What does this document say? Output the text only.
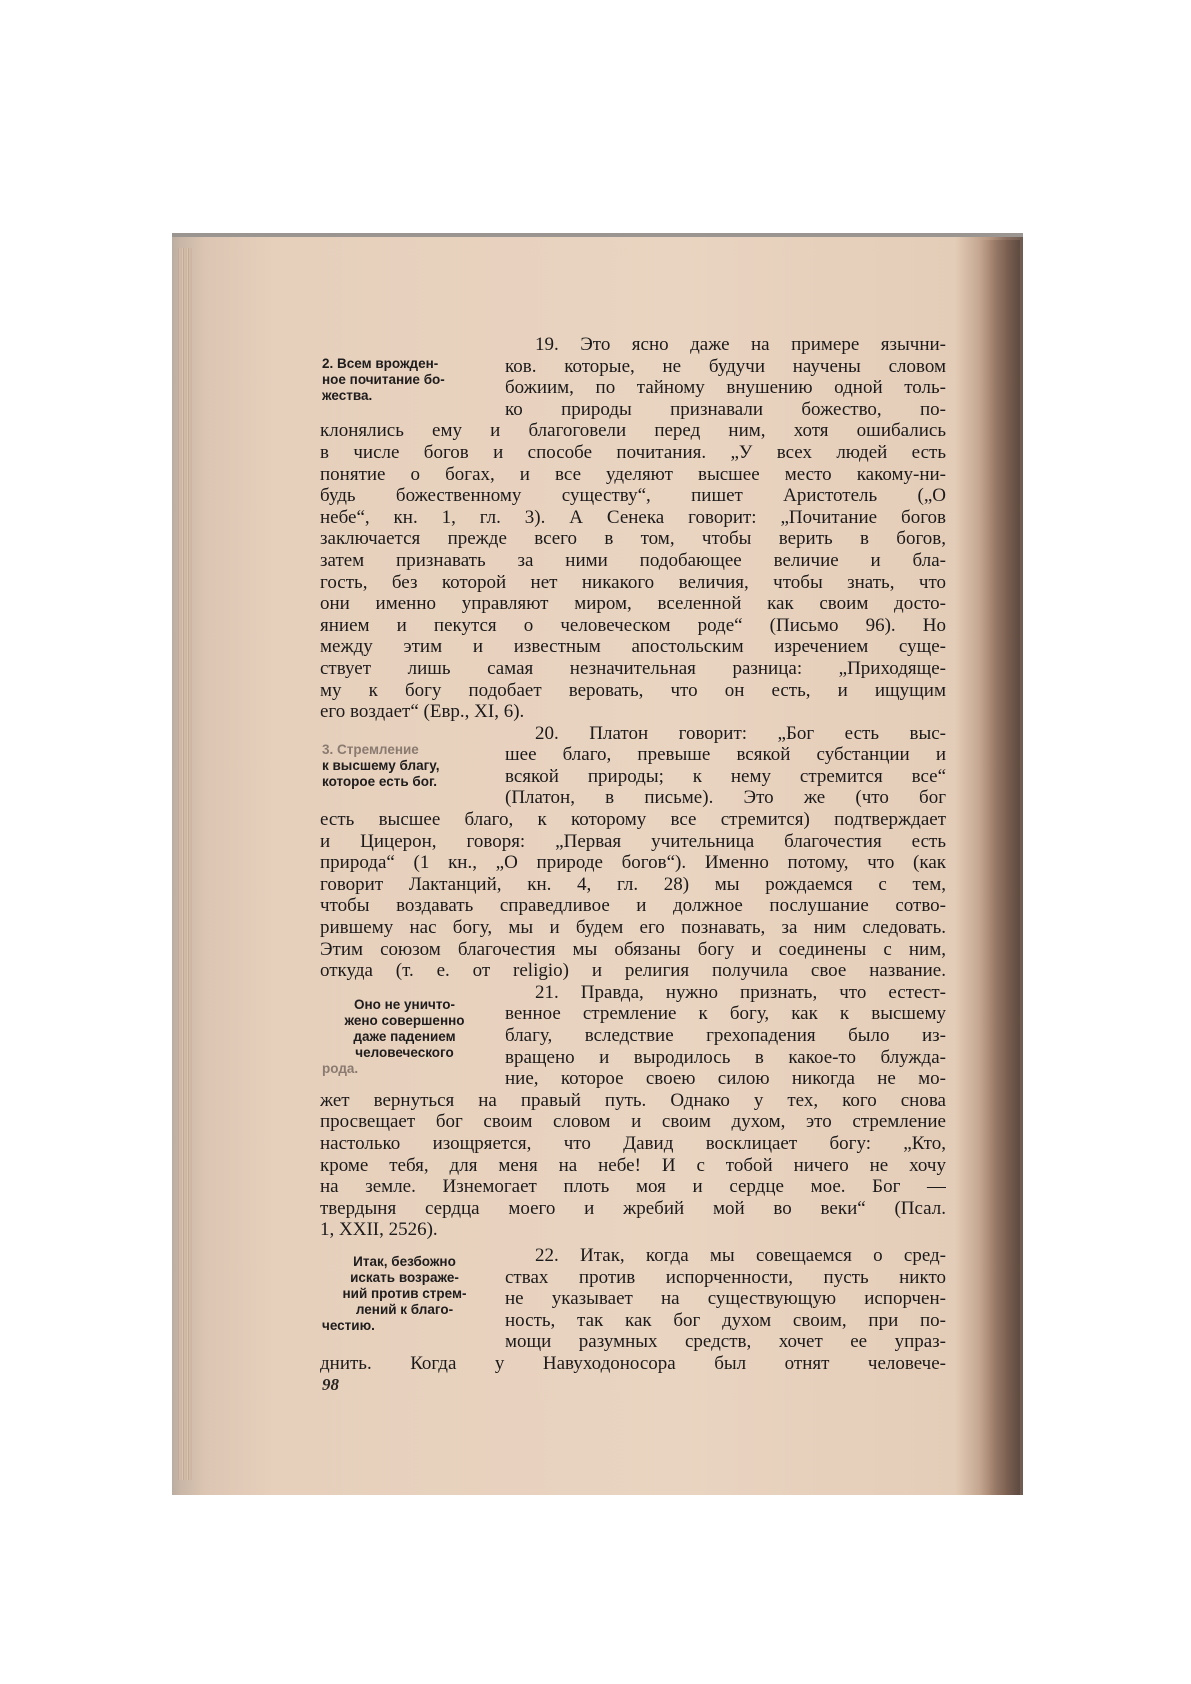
2. Всем врожден-
ное почитание бо-
жества.
3. Стремление
к высшему благу,
которое есть бог.
Оно не уничто-
жено совершенно
даже падением
человеческого
рода.
Итак, безбожно
искать возраже-
ний против стрем-
лений к благо-
честию.

19. Это ясно даже на примере язычни-
ков. которые, не будучи научены словом
божиим, по тайному внушению одной толь-
ко природы признавали божество, по-
клонялись ему и благоговели перед ним, хотя ошибались
в числе богов и способе почитания. „У всех людей есть
понятие о богах, и все уделяют высшее место какому-ни-
будь божественному существу“, пишет Аристотель („О
небе“, кн. 1, гл. 3). А Сенека говорит: „Почитание богов
заключается прежде всего в том, чтобы верить в богов,
затем признавать за ними подобающее величие и бла-
гость, без которой нет никакого величия, чтобы знать, что
они именно управляют миром, вселенной как своим досто-
янием и пекутся о человеческом роде“ (Письмо 96). Но
между этим и известным апостольским изречением суще-
ствует лишь самая незначительная разница: „Приходяще-
му к богу подобает веровать, что он есть, и ищущим
его воздает“ (Евр., XI, 6).

20. Платон говорит: „Бог есть выс-
шее благо, превыше всякой субстанции и
всякой природы; к нему стремится все“
(Платон, в письме). Это же (что бог
есть высшее благо, к которому все стремится) подтверждает
и Цицерон, говоря: „Первая учительница благочестия есть
природа“ (1 кн., „О природе богов“). Именно потому, что (как
говорит Лактанций, кн. 4, гл. 28) мы рождаемся с тем,
чтобы воздавать справедливое и должное послушание сотво-
рившему нас богу, мы и будем его познавать, за ним следовать.
Этим союзом благочестия мы обязаны богу и соединены с ним,
откуда (т. е. от religio) и религия получила свое название.

21. Правда, нужно признать, что естест-
венное стремление к богу, как к высшему
благу, вследствие грехопадения было из-
вращено и выродилось в какое-то блужда-
ние, которое своею силою никогда не мо-
жет вернуться на правый путь. Однако у тех, кого снова
просвещает бог своим словом и своим духом, это стремление
настолько изощряется, что Давид восклицает богу: „Кто,
кроме тебя, для меня на небе! И с тобой ничего не хочу
на земле. Изнемогает плоть моя и сердце мое. Бог —
твердыня сердца моего и жребий мой во веки“ (Псал.
1, XXII, 2526).

22. Итак, когда мы совещаемся о сред-
ствах против испорченности, пусть никто
не указывает на существующую испорчен-
ность, так как бог духом своим, при по-
мощи разумных средств, хочет ее упраз-
днить. Когда у Навуходоносора был отнят человече-

98
